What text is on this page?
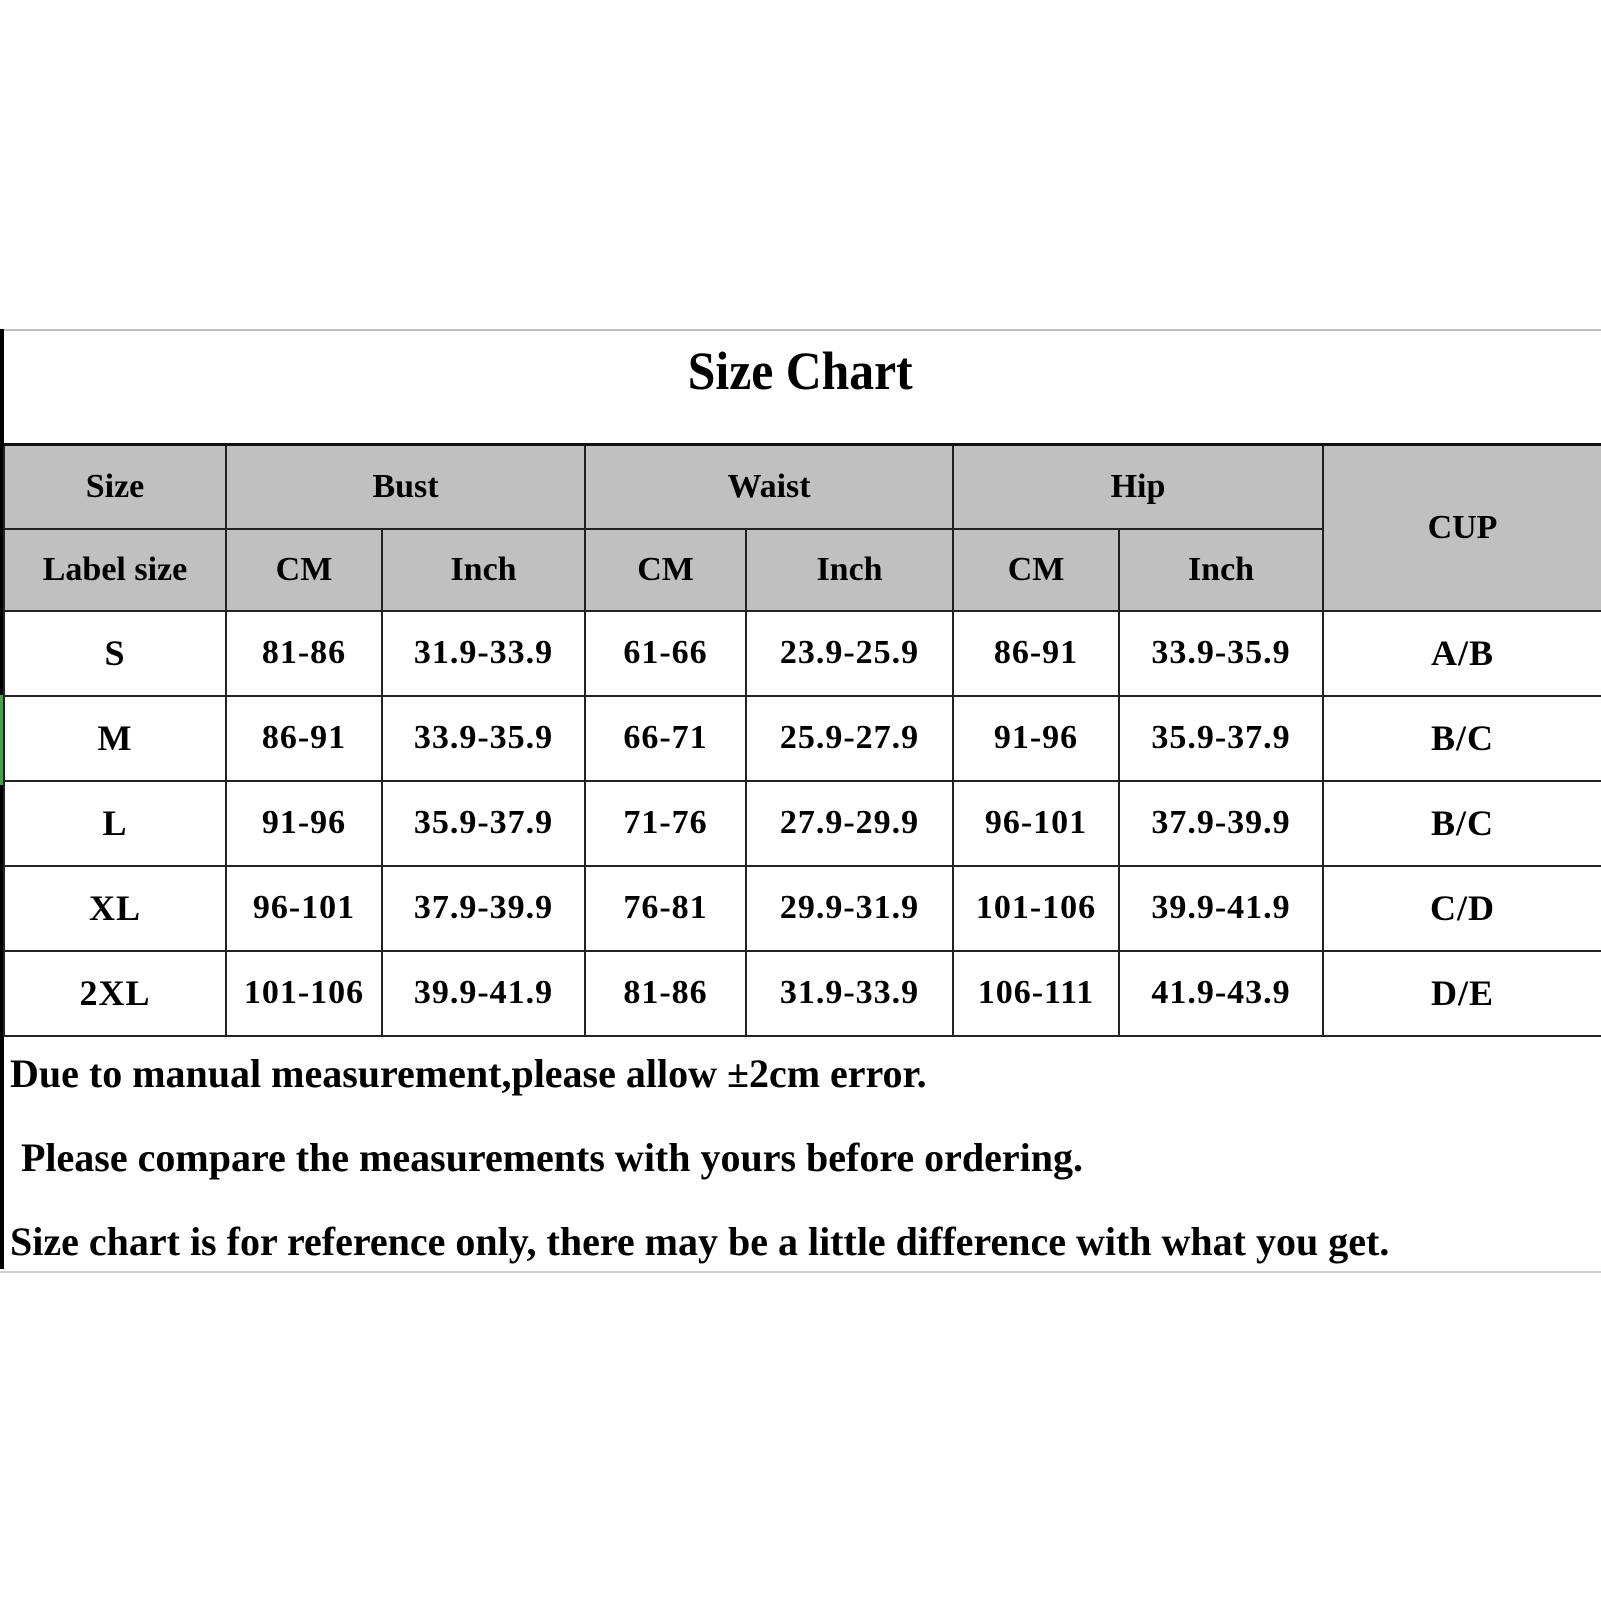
Size Chart
Size	Bust		Waist		Hip		CUP
Label size	CM	Inch	CM	Inch	CM	Inch	
S	81-86	31.9-33.9	61-66	23.9-25.9	86-91	33.9-35.9	A/B
M	86-91	33.9-35.9	66-71	25.9-27.9	91-96	35.9-37.9	B/C
L	91-96	35.9-37.9	71-76	27.9-29.9	96-101	37.9-39.9	B/C
XL	96-101	37.9-39.9	76-81	29.9-31.9	101-106	39.9-41.9	C/D
2XL	101-106	39.9-41.9	81-86	31.9-33.9	106-111	41.9-43.9	D/E
Due to manual measurement,please allow ±2cm error.
Please compare the measurements with yours before ordering.
Size chart is for reference only, there may be a little difference with what you get.
